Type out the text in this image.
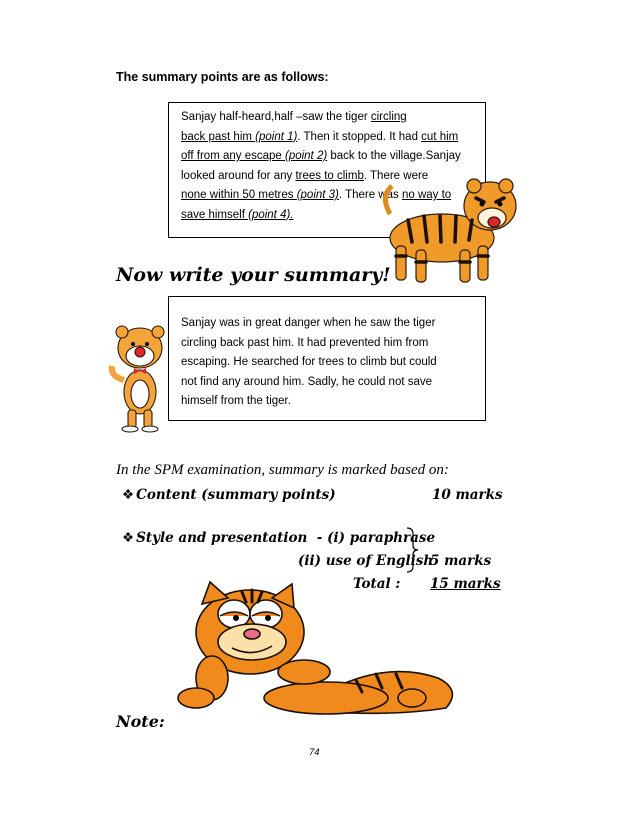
The summary points are as follows:
Sanjay half-heard,half –saw the tiger circling
back past him (point 1). Then it stopped. It had cut him
off from any escape (point 2) back to the village.Sanjay
looked around for any trees to climb. There were
none within 50 metres (point 3). There was no way to
save himself (point 4).
Now write your summary!
Sanjay was in great danger when he saw the tiger
circling back past him. It had prevented him from
escaping. He searched for trees to climb but could
not find any around him. Sadly, he could not save
himself from the tiger.
In the SPM examination, summary is marked based on:
❖ Content (summary points)	10 marks
❖ Style and presentation - (i) paraphrase
(ii) use of English
5 marks
Total : 15 marks
Note:
74
